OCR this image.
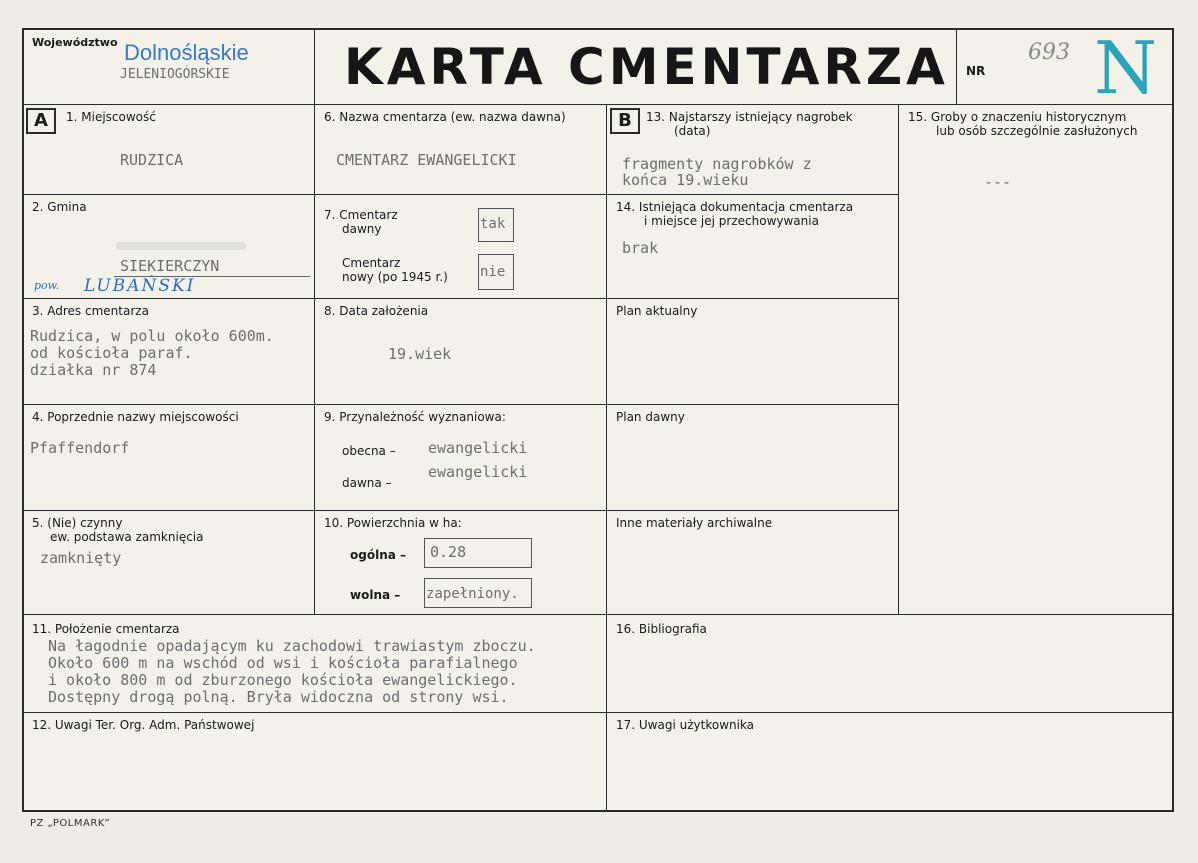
Województwo Dolnośląskie
JELENIOGÓRSKIE KARTA CMENTARZA NR
693 N
A	1. Miejscowość
RUDZICA
6. Nazwa cmentarza (ew. nazwa dawna)
CMENTARZ EWANGELICKI
B	13. Najstarszy istniejący nagrobek
(data)
fragmenty nagrobków z
końca 19.wieku
15. Groby o znaczeniu historycznym
lub osób szczególnie zasłużonych
---
2. Gmina
SIEKIERCZYN
pow. LUBAŃSKI
7. Cmentarz
dawny	tak
Cmentarz
nowy (po 1945 r.) nie
14. Istniejąca dokumentacja cmentarza
i miejsce jej przechowywania
brak
3. Adres cmentarza
Rudzica, w polu około 600m.
od kościoła paraf.
działka nr 874
8. Data założenia
19.wiek
Plan aktualny
4. Poprzednie nazwy miejscowości
Pfaffendorf
9. Przynależność wyznaniowa:
obecna – ewangelicki
dawna –
ewangelicki
Plan dawny
5. (Nie) czynny
ew. podstawa zamknięcia
zamknięty
10. Powierzchnia w ha:
ogólna – 0.28
wolna – zapełniony.
Inne materiały archiwalne
11. Położenie cmentarza
Na łagodnie opadającym ku zachodowi trawiastym zboczu.
Około 600 m na wschód od wsi i kościoła parafialnego
i około 800 m od zburzonego kościoła ewangelickiego.
Dostępny drogą polną. Bryła widoczna od strony wsi.
16. Bibliografia
12. Uwagi Ter. Org. Adm. Państwowej	17. Uwagi użytkownika
PZ „POLMARK”
